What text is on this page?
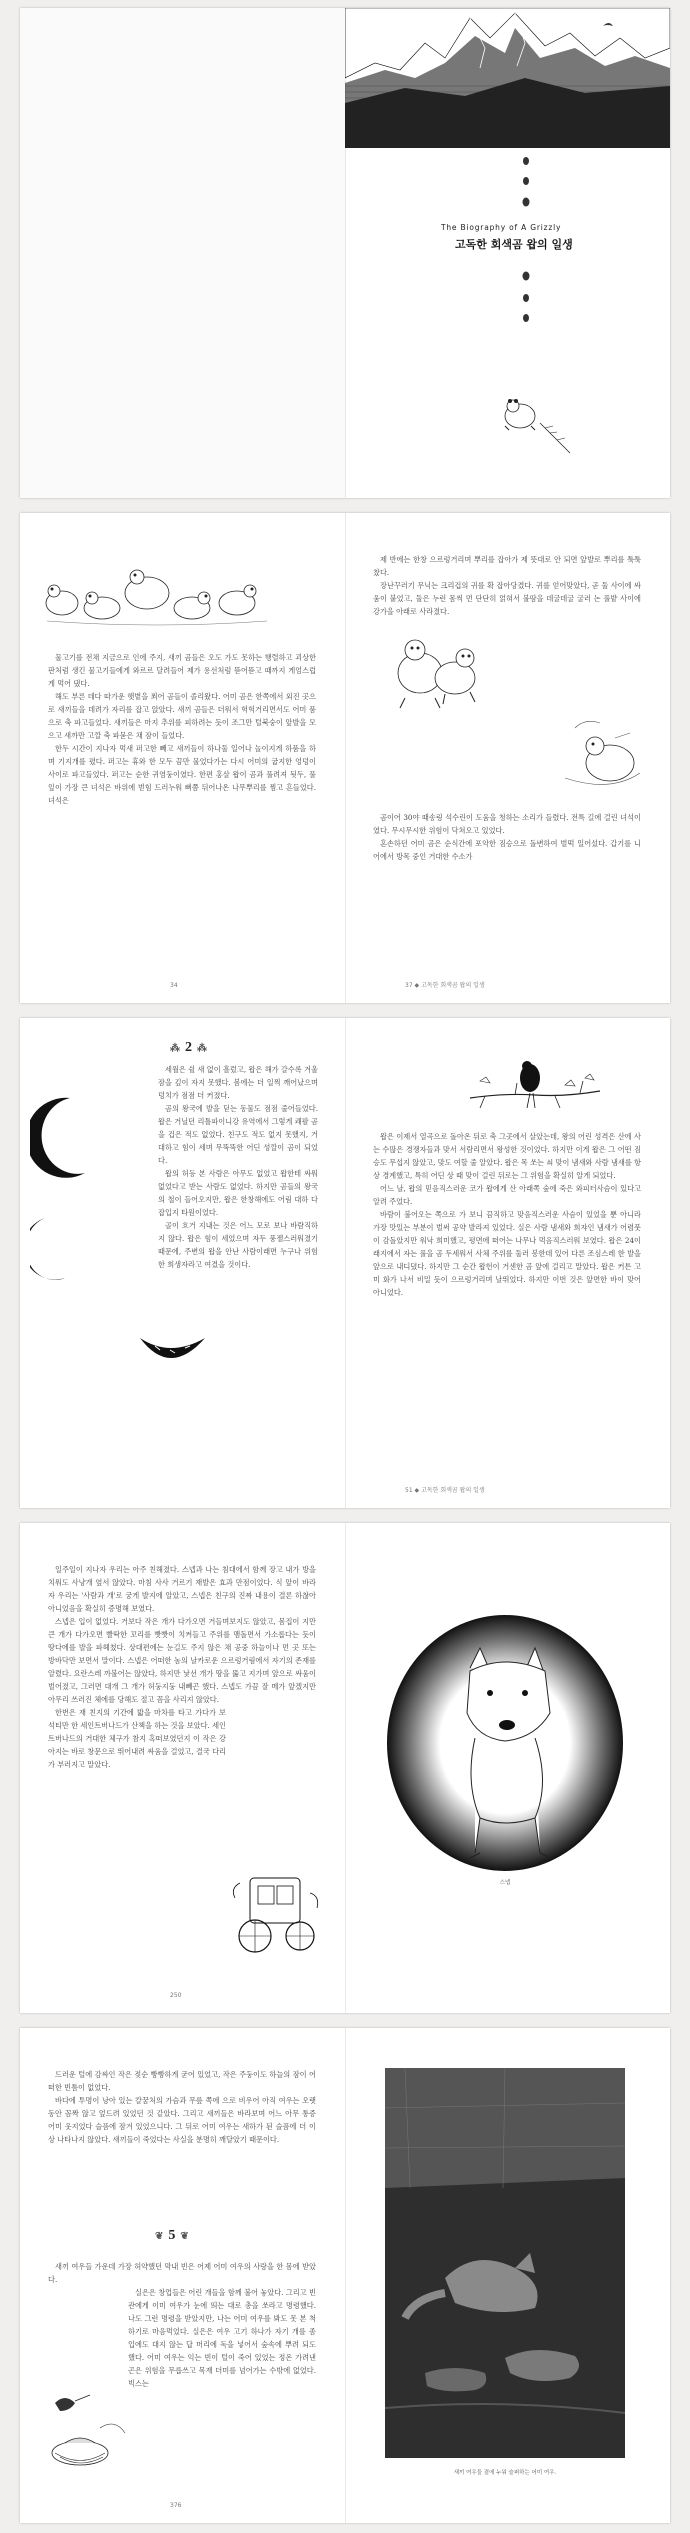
The Biography of A Grizzly
고독한 회색곰 왑의 일생

물고기를 전채 지금으로 인에 주지, 새끼 곰들은 오도 가도 못하는 행렬하고 괴상한 판처럼 생긴 물고기들에게 와르르 달려들어 제가 용선처럼 뜯어뜯고 때까지 게엄스럽게 먹어 댔다.

해도 부른 데다 따가운 햇볕을 쬐어 곰들이 졸리왔다. 어미 곰은 한쪽에서 외진 곳으로 새끼들을 데려가 자리를 잡고 앉았다. 새끼 곰들은 더워서 헉헉거리면서도 어미 품으로 축 파고들었다. 새끼들은 마지 추위를 피하려는 듯이 조그만 털북숭이 앞발을 모으고 새까만 고깔 축 파묻은 채 잠이 들었다.

한두 시간이 지나자 먹새 퍼고한 빼고 새끼들이 하나둘 일어나 놀이지게 하품을 하며 기지개를 폈다. 퍼고는 휴와 한 모두 끔만 물었다가는 다시 어미의 굽지한 엉덩이 사이로 파고들었다. 퍼고는 순한 귀염둥이였다. 한편 홍살 왑이 곰과 풀려져 됫두, 풀잎이 가장 큰 녀석은 바위에 벋힘 드러누워 뻐쯤 뒤어나온 나무뿌리를 찜고 흔들었다. 녀석은

34

제 반에는 한창 으르렁거리며 뿌리를 잡아가 제 뜻대로 안 되면 앞발로 뿌리를 툭툭 찼다.

장난꾸러기 무닉는 크리겁의 귀를 확 잡아당겼다. 귀를 얻어맞았다, 곧 둘 사이에 싸움이 붙었고, 둘은 누런 몸씩 먼 단단히 얽혀서 불땀을 데굴데굴 굴러 논 풀밭 사이에 강가을 아래로 사라졌다.

곰이어 30야 때송링 석수린이 도움을 청하는 소리가 들렸다. 전특 길에 걸린 녀석이였다. 무시무시한 위험이 닥쳐오고 있었다.

혼손하던 어미 곰은 순식간에 포악한 짐승으로 돌변하여 벌떡 일어섰다. 갑기를 니어에서 방목 중인 거대한 수소가

37 ◆ 고독한 회색곰 왑의 일생
⁂ 2 ⁂

세월은 쉴 새 없이 흘렀고, 왑은 해가 갈수록 겨울잠을 깊이 자지 못했다. 봄에는 더 일찍 깨어났으며 덩치가 점점 더 커졌다.

곰의 왕국에 발을 딛는 동물도 점점 줄어들었다. 왑은 거닐던 리틀파이니강 유역에서 그렇게 쾌팔 곰을 겁은 적도 없었다. 친구도 적도 없지 못했지, 거대하고 힘이 세며 무뚝뚝한 어딘 성깔이 곰이 되었다.

왑의 허등 본 사람은 아무도 없었고 왑한테 싸워 없었다고 받는 사람도 없었다. 하지만 곰들의 왕국의 철이 들어오지만, 왑은 한창해에도 어림 대하 다잡입지 타원이었다.

골이 흐거 지내는 것은 어느 모로 보나 바람직하지 않다. 왑은 힘이 세었으며 자두 풍젤스러워졌기 때문에, 주변의 왑을 안난 사람이래면 누구나 위험한 희생자라고 여겼을 것이다.

왑은 이제서 열곡으로 돌아온 뒤로 축 그곳에서 살았는데, 왕의 어린 성격은 산에 사는 수많은 경쟁자들과 맞서 서람리면서 왕성한 것이었다. 하지만 이게 왑은 그 어떤 짐승도 무섭지 않았고, 맞도 여할 줄 알았다. 왑은 목 쏘는 쇠 맞이 냄새와 사람 냄새를 항상 경계했고, 특히 어딘 상 때 맞이 걸린 뒤로는 그 위험을 확실히 알게 되었다.

어느 날, 왑의 믿음직스러운 코가 왑에게 산 아래쪽 숲에 죽은 와피터사슴이 있다고 알려 주었다.

바람이 불어오는 쪽으로 가 보니 끔직하고 맞음직스러운 사슴이 있었을 뿐 아니라 가장 맛있는 부분이 벌써 공약 발라져 있었다. 실은 사람 냄새와 희쟈인 냄새가 어렴풋이 감돌았지만 워낙 희미했고, 평면에 떠어는 나무나 먹음직스러워 보였다. 왑은 24이래지에서 자는 풀을 곰 두세워서 사체 주위를 둘러 봉한데 있어 다른 조심스레 한 발을 앞으로 내디뎠다. 하지만 그 순간 왑헌이 거센한 곰 앞에 걸리고 말았다. 왑은 커튼 고미 화가 나서 비밀 듯이 으르렁거리며 날뛰었다. 하지만 이번 것은 앞면한 바이 맞어 아니었다.

51 ◆ 고독한 회색곰 왑의 일생

일주일이 지나자 우리는 아주 친해졌다. 스넵과 나는 침대에서 함께 장고 내가 방을 치워도 사냥개 옆서 않았다. 마침 사사 거르기 재발은 효과 만점이었다. 식 앞이 바라자 우리는 '사람과 개'로 궁게 발지에 알았고, 스넵은 친구의 진짜 내용이 결론 하찮아 아니었음을 확실히 증명해 보였다.

스넵은 입이 없었다. 거보다 작은 개가 다가오면 거들며보지도 않았고, 몸집이 지만 큰 개가 다가오면 빨딱한 꼬리를 빳빳이 치켜들고 주위를 맴돌면서 가소롭다는 듯이 땅다에를 발을 파헤쳤다. 상대편에는 눈길도 주지 않은 채 공중 하늘이나 먼 곳 또는 방바닥만 보면서 말이다. 스넵은 어떠한 놈의 날카로운 으르렁거림에서 자기의 존재를 알렸다. 요란스레 까불어는 않았다, 하지만 낯선 개가 땅을 뚫고 지가며 앞으로 싸움이 벌어졌고, 그러면 대개 그 개가 허둥지둥 내빼곤 했다. 스넵도 가끔 잘 메가 앞겠지만 아무리 쓰러진 체에를 당해도 절고 꼼을 사리지 않았다.

한번은 재 친지의 기간에 밟을 마차를 타고 가다가 보석티만 한 세인트버나드가 산책을 하는 것을 보았다. 세인트버나드의 거대한 체구가 참지 혹떠보였던지 이 작은 강아지는 바로 창문으로 뛰어내려 싸움을 걸었고, 결국 다리가 부러지고 말았다.

250
스넵

드러운 털에 감싸인 작은 젖순 빵빵하게 굳어 있었고, 작은 주둥이도 하늘의 잠이 어떠한 빈틈이 없었다.

바다에 투명이 낭아 있는 칼꿈처의 가슴과 무릎 쪽에 으로 비우어 아직 여우는 오랫동안 꼼짝 않고 엎드려 있었던 것 같았다. 그리고 새끼들은 바라보며 어느 아무 통증 어미 웃지었다 슬픔에 잠겨 있었으니다. 그 뒤로 어미 여우는 새하가 된 슬픔에 더 이상 나타나지 않았다. 새끼들이 죽었다는 사실을 분명히 깨달았기 때문이다.

❦ 5 ❦

새끼 여우들 가운데 가장 허약했던 막내 빈은 어제 어미 여우의 사랑을 한 몸에 받았다.

실은은 창업들은 어린 개들을 함께 불어 놓았다. 그리고 빈관에게 이미 여우가 눈에 띄는 대로 총을 쏘라고 명령했다. 나도 그런 명령을 받았지만, 나는 어미 여우를 봐도 못 본 척하기로 마음먹었다. 실은은 여우 고기 하나가 자기 개를 좀 입에도 대지 않는 답 머리에 독을 넣어서 숲속에 뿌려 되도 했다. 어미 여우는 익는 빈이 털이 죽어 있었는 정온 가려낸 곤은 위험을 무릅쓰고 목재 더미를 넘어가는 수밖에 없었다. 빅스는

376
새끼 여우들 곁에 누워 슬퍼하는 어미 여우.
